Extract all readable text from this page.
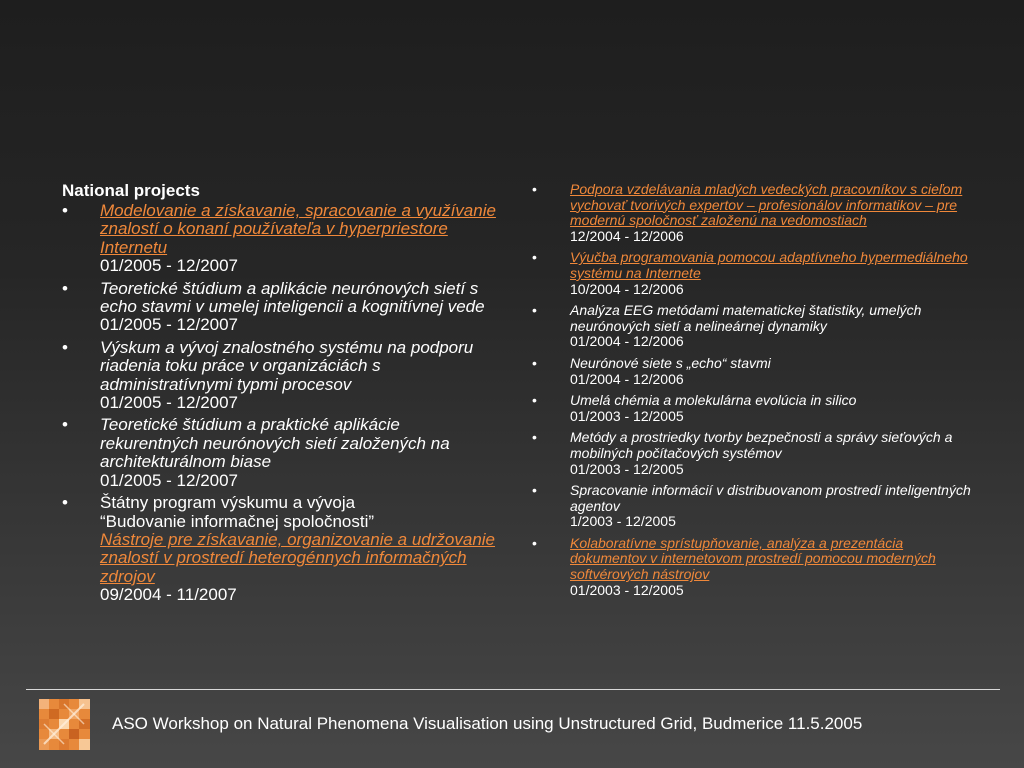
National projects
• Modelovanie a získavanie, spracovanie a využívanie znalostí o konaní používateľa v hyperpriestore Internetu
01/2005 - 12/2007
• Teoretické štúdium a aplikácie neurónových sietí s echo stavmi v umelej inteligencii a kognitívnej vede
01/2005 - 12/2007
• Výskum a vývoj znalostného systému na podporu riadenia toku práce v organizáciách s administratívnymi typmi procesov
01/2005 - 12/2007
• Teoretické štúdium a praktické aplikácie rekurentných neurónových sietí založených na architekturálnom biase
01/2005 - 12/2007
• Štátny program výskumu a vývoja
“Budovanie informačnej spoločnosti”
Nástroje pre získavanie, organizovanie a udržovanie znalostí v prostredí heterogénnych informačných zdrojov
09/2004 - 11/2007
• Podpora vzdelávania mladých vedeckých pracovníkov s cieľom vychovať tvorivých expertov – profesionálov informatikov – pre modernú spoločnosť založenú na vedomostiach
12/2004 - 12/2006
• Výučba programovania pomocou adaptívneho hypermediálneho systému na Internete
10/2004 - 12/2006
• Analýza EEG metódami matematickej štatistiky, umelých neurónových sietí a nelineárnej dynamiky
01/2004 - 12/2006
• Neurónové siete s „echo“ stavmi
01/2004 - 12/2006
• Umelá chémia a molekulárna evolúcia in silico
01/2003 - 12/2005
• Metódy a prostriedky tvorby bezpečnosti a správy sieťových a mobilných počítačových systémov
01/2003 - 12/2005
• Spracovanie informácií v distribuovanom prostredí inteligentných agentov
1/2003 - 12/2005
• Kolaboratívne sprístupňovanie, analýza a prezentácia dokumentov v internetovom prostredí pomocou moderných softvérových nástrojov
01/2003 - 12/2005
ASO Workshop on Natural Phenomena Visualisation using Unstructured Grid, Budmerice 11.5.2005
